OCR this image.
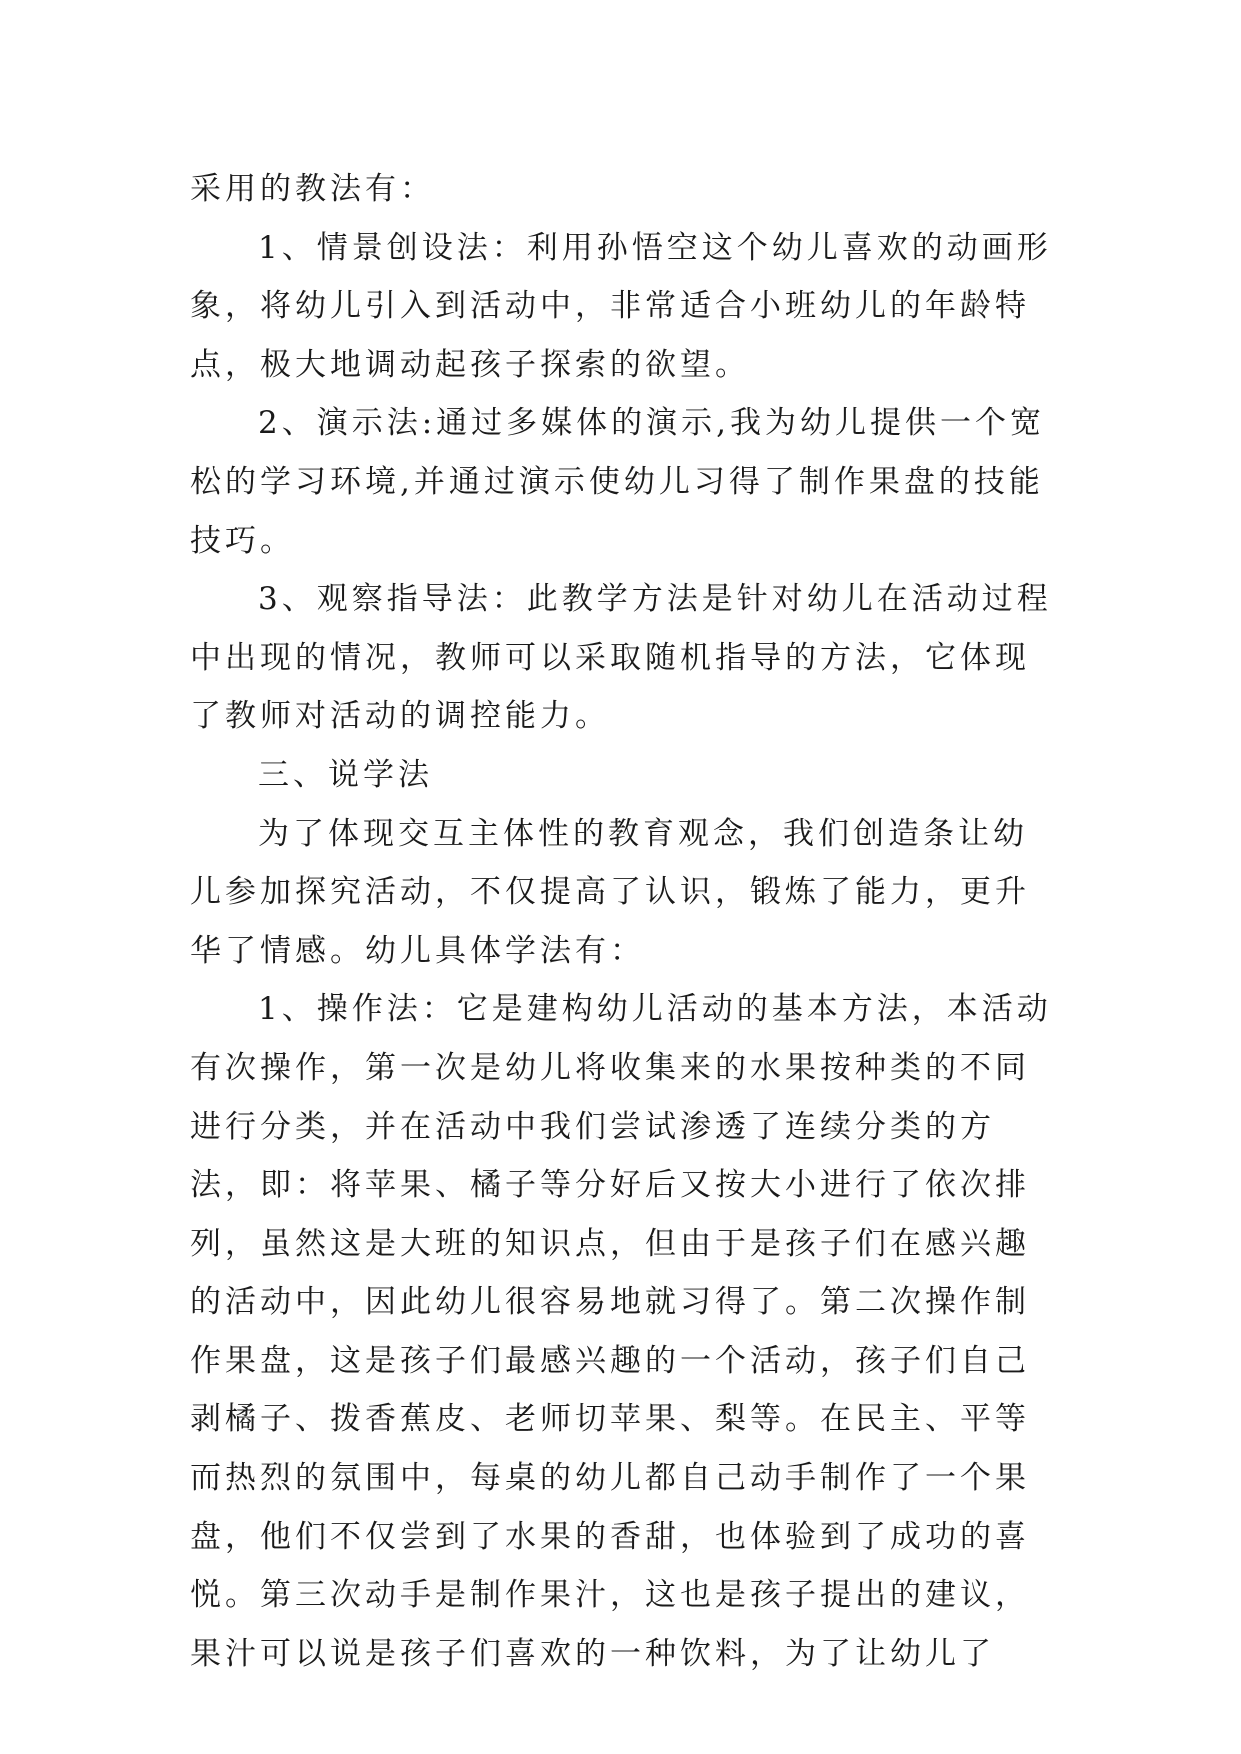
采用的教法有：

1、情景创设法：利用孙悟空这个幼儿喜欢的动画形象，将幼儿引入到活动中，非常适合小班幼儿的年龄特点，极大地调动起孩子探索的欲望。

2、演示法:通过多媒体的演示,我为幼儿提供一个宽松的学习环境,并通过演示使幼儿习得了制作果盘的技能技巧。

3、观察指导法：此教学方法是针对幼儿在活动过程中出现的情况，教师可以采取随机指导的方法，它体现了教师对活动的调控能力。

三、说学法

为了体现交互主体性的教育观念，我们创造条让幼儿参加探究活动，不仅提高了认识，锻炼了能力，更升华了情感。幼儿具体学法有：

1、操作法：它是建构幼儿活动的基本方法，本活动有次操作，第一次是幼儿将收集来的水果按种类的不同进行分类，并在活动中我们尝试渗透了连续分类的方法，即：将苹果、橘子等分好后又按大小进行了依次排列，虽然这是大班的知识点，但由于是孩子们在感兴趣的活动中，因此幼儿很容易地就习得了。第二次操作制作果盘，这是孩子们最感兴趣的一个活动，孩子们自己剥橘子、拨香蕉皮、老师切苹果、梨等。在民主、平等而热烈的氛围中，每桌的幼儿都自己动手制作了一个果盘，他们不仅尝到了水果的香甜，也体验到了成功的喜悦。第三次动手是制作果汁，这也是孩子提出的建议，果汁可以说是孩子们喜欢的一种饮料，为了让幼儿了
